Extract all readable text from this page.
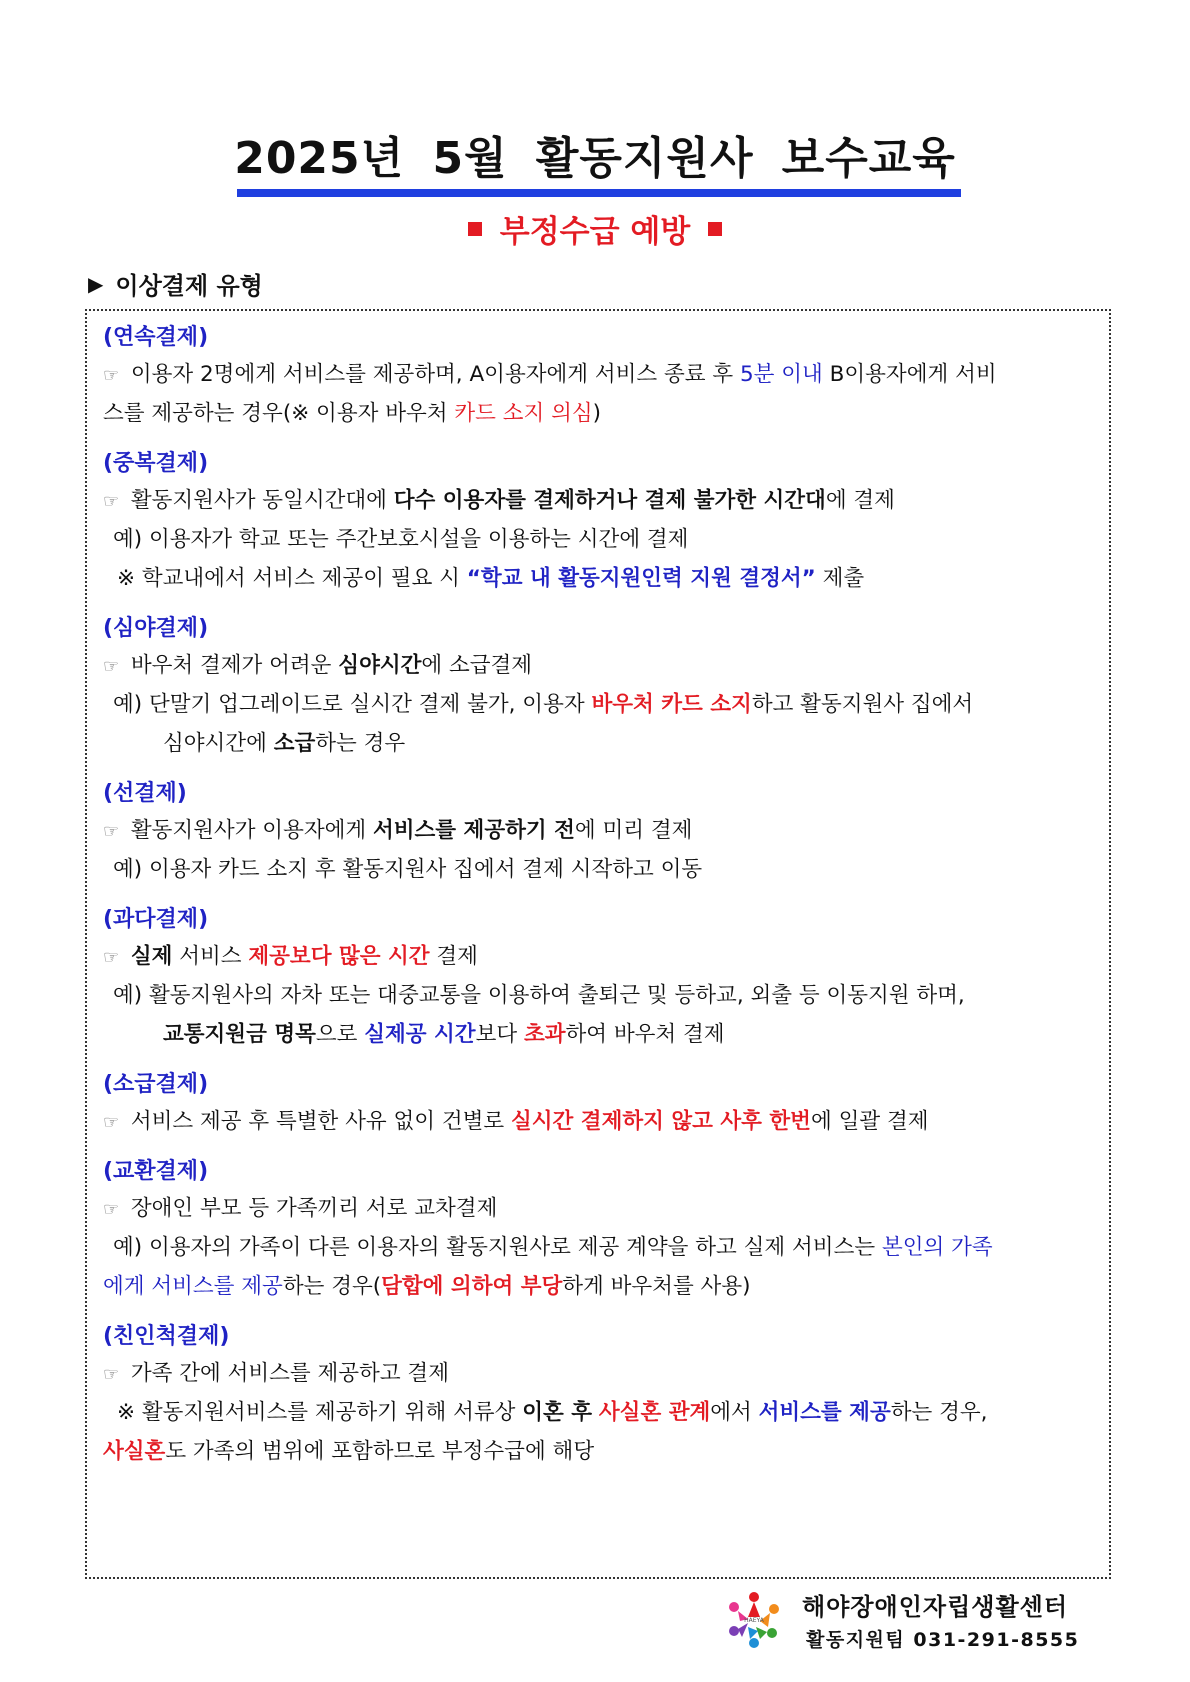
2025년 5월 활동지원사 보수교육
부정수급 예방
▶ 이상결제 유형
(연속결제)
☞ 이용자 2명에게 서비스를 제공하며, A이용자에게 서비스 종료 후 5분 이내 B이용자에게 서비
스를 제공하는 경우(※ 이용자 바우처 카드 소지 의심)
(중복결제)
☞ 활동지원사가 동일시간대에 다수 이용자를 결제하거나 결제 불가한 시간대에 결제
예) 이용자가 학교 또는 주간보호시설을 이용하는 시간에 결제
※ 학교내에서 서비스 제공이 필요 시 “학교 내 활동지원인력 지원 결정서” 제출
(심야결제)
☞ 바우처 결제가 어려운 심야시간에 소급결제
예) 단말기 업그레이드로 실시간 결제 불가, 이용자 바우처 카드 소지하고 활동지원사 집에서
심야시간에 소급하는 경우
(선결제)
☞ 활동지원사가 이용자에게 서비스를 제공하기 전에 미리 결제
예) 이용자 카드 소지 후 활동지원사 집에서 결제 시작하고 이동
(과다결제)
☞ 실제 서비스 제공보다 많은 시간 결제
예) 활동지원사의 자차 또는 대중교통을 이용하여 출퇴근 및 등하교, 외출 등 이동지원 하며,
교통지원금 명목으로 실제공 시간보다 초과하여 바우처 결제
(소급결제)
☞ 서비스 제공 후 특별한 사유 없이 건별로 실시간 결제하지 않고 사후 한번에 일괄 결제
(교환결제)
☞ 장애인 부모 등 가족끼리 서로 교차결제
예) 이용자의 가족이 다른 이용자의 활동지원사로 제공 계약을 하고 실제 서비스는 본인의 가족
에게 서비스를 제공하는 경우(담합에 의하여 부당하게 바우처를 사용)
(친인척결제)
☞ 가족 간에 서비스를 제공하고 결제
※ 활동지원서비스를 제공하기 위해 서류상 이혼 후 사실혼 관계에서 서비스를 제공하는 경우,
사실혼도 가족의 범위에 포함하므로 부정수급에 해당
HAEYA 해야장애인자립생활센터
활동지원팀 031-291-8555
